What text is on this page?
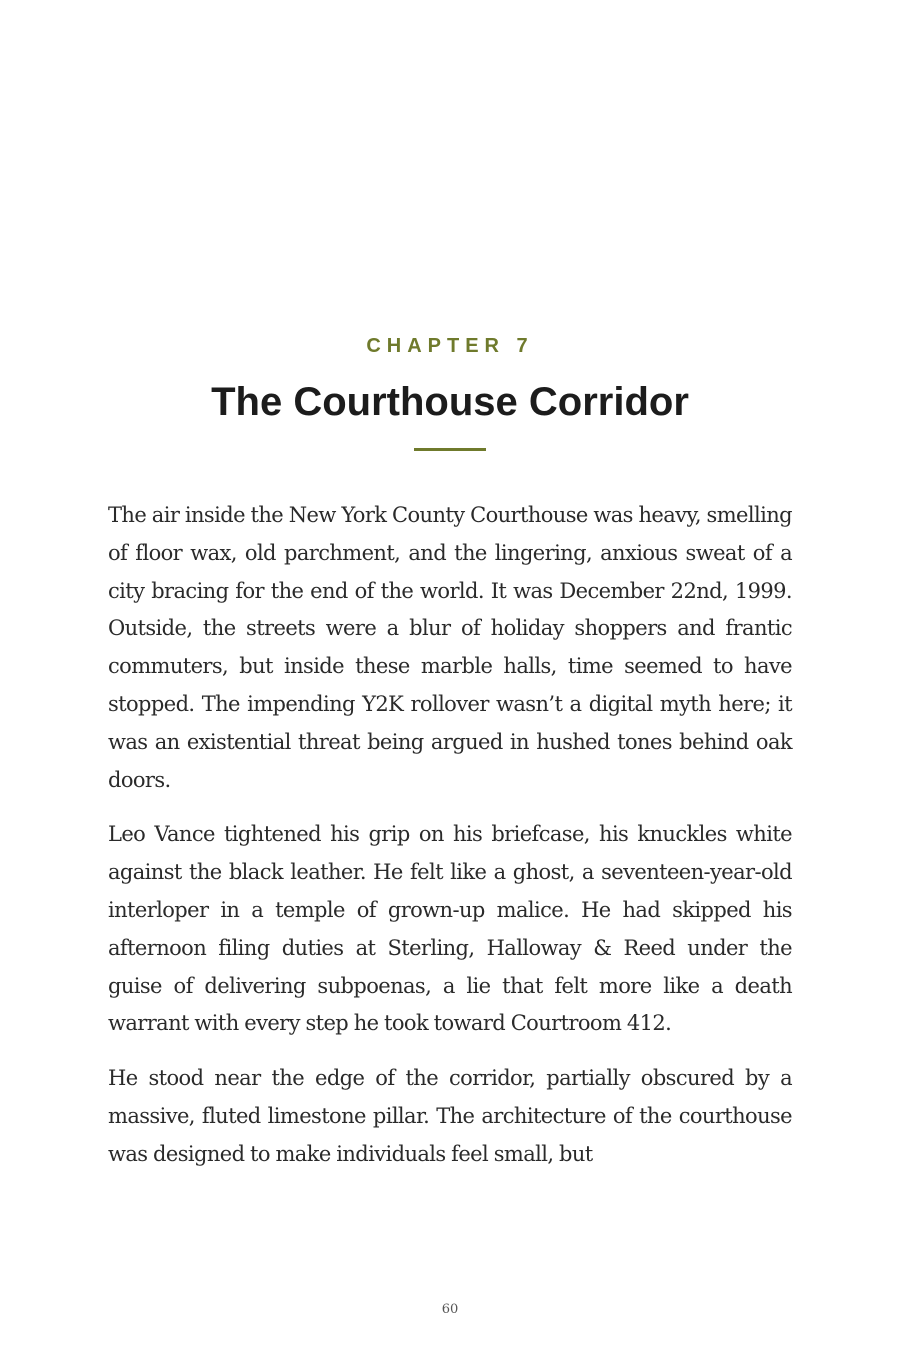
CHAPTER 7
The Courthouse Corridor

The air inside the New York County Courthouse was heavy, smelling of floor wax, old parchment, and the lingering, anxious sweat of a city bracing for the end of the world. It was December 22nd, 1999. Outside, the streets were a blur of holiday shoppers and frantic commuters, but inside these marble halls, time seemed to have stopped. The impending Y2K rollover wasn’t a digital myth here; it was an existential threat being argued in hushed tones behind oak doors.

Leo Vance tightened his grip on his briefcase, his knuckles white against the black leather. He felt like a ghost, a seventeen-year-old interloper in a temple of grown-up malice. He had skipped his afternoon filing duties at Sterling, Halloway & Reed under the guise of delivering subpoenas, a lie that felt more like a death warrant with every step he took toward Courtroom 412.

He stood near the edge of the corridor, partially obscured by a massive, fluted limestone pillar. The architecture of the courthouse was designed to make individuals feel small, but

60
